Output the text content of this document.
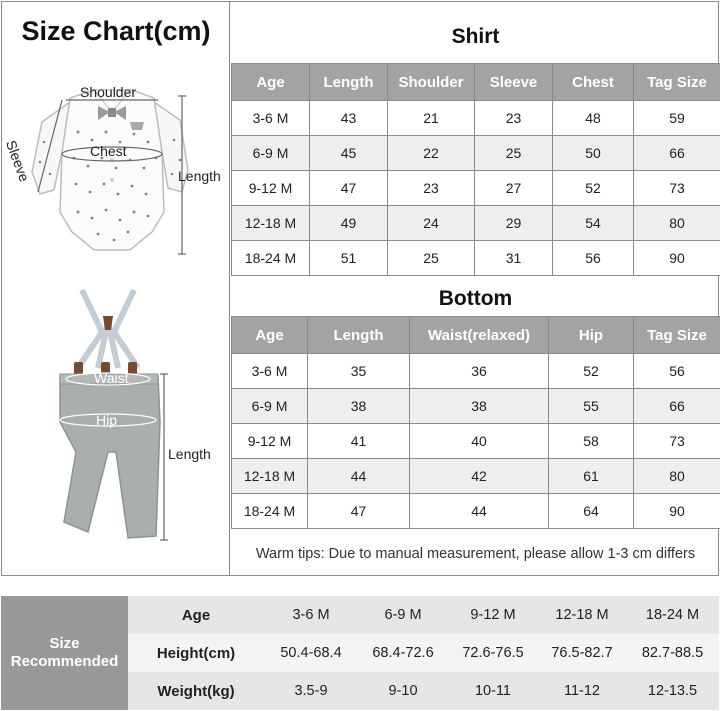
Size Chart(cm)
Shoulder
Chest
Sleeve	Length
Waist
Hip
Length
Shirt
Age	Length	Shoulder	Sleeve	Chest	Tag Size
3-6 M	43	21	23	48	59
6-9 M	45	22	25	50	66
9-12 M	47	23	27	52	73
12-18 M	49	24	29	54	80
18-24 M	51	25	31	56	90
Bottom
Age	Length	Waist(relaxed)	Hip	Tag Size
3-6 M	35	36	52	56
6-9 M	38	38	55	66
9-12 M	41	40	58	73
12-18 M	44	42	61	80
18-24 M	47	44	64	90
Warm tips: Due to manual measurement, please allow 1-3 cm differs
Size
Recommended
Age	3-6 M	6-9 M	9-12 M	12-18 M	18-24 M
Height(cm)	50.4-68.4	68.4-72.6	72.6-76.5	76.5-82.7	82.7-88.5
Weight(kg)	3.5-9	9-10	10-11	11-12	12-13.5
